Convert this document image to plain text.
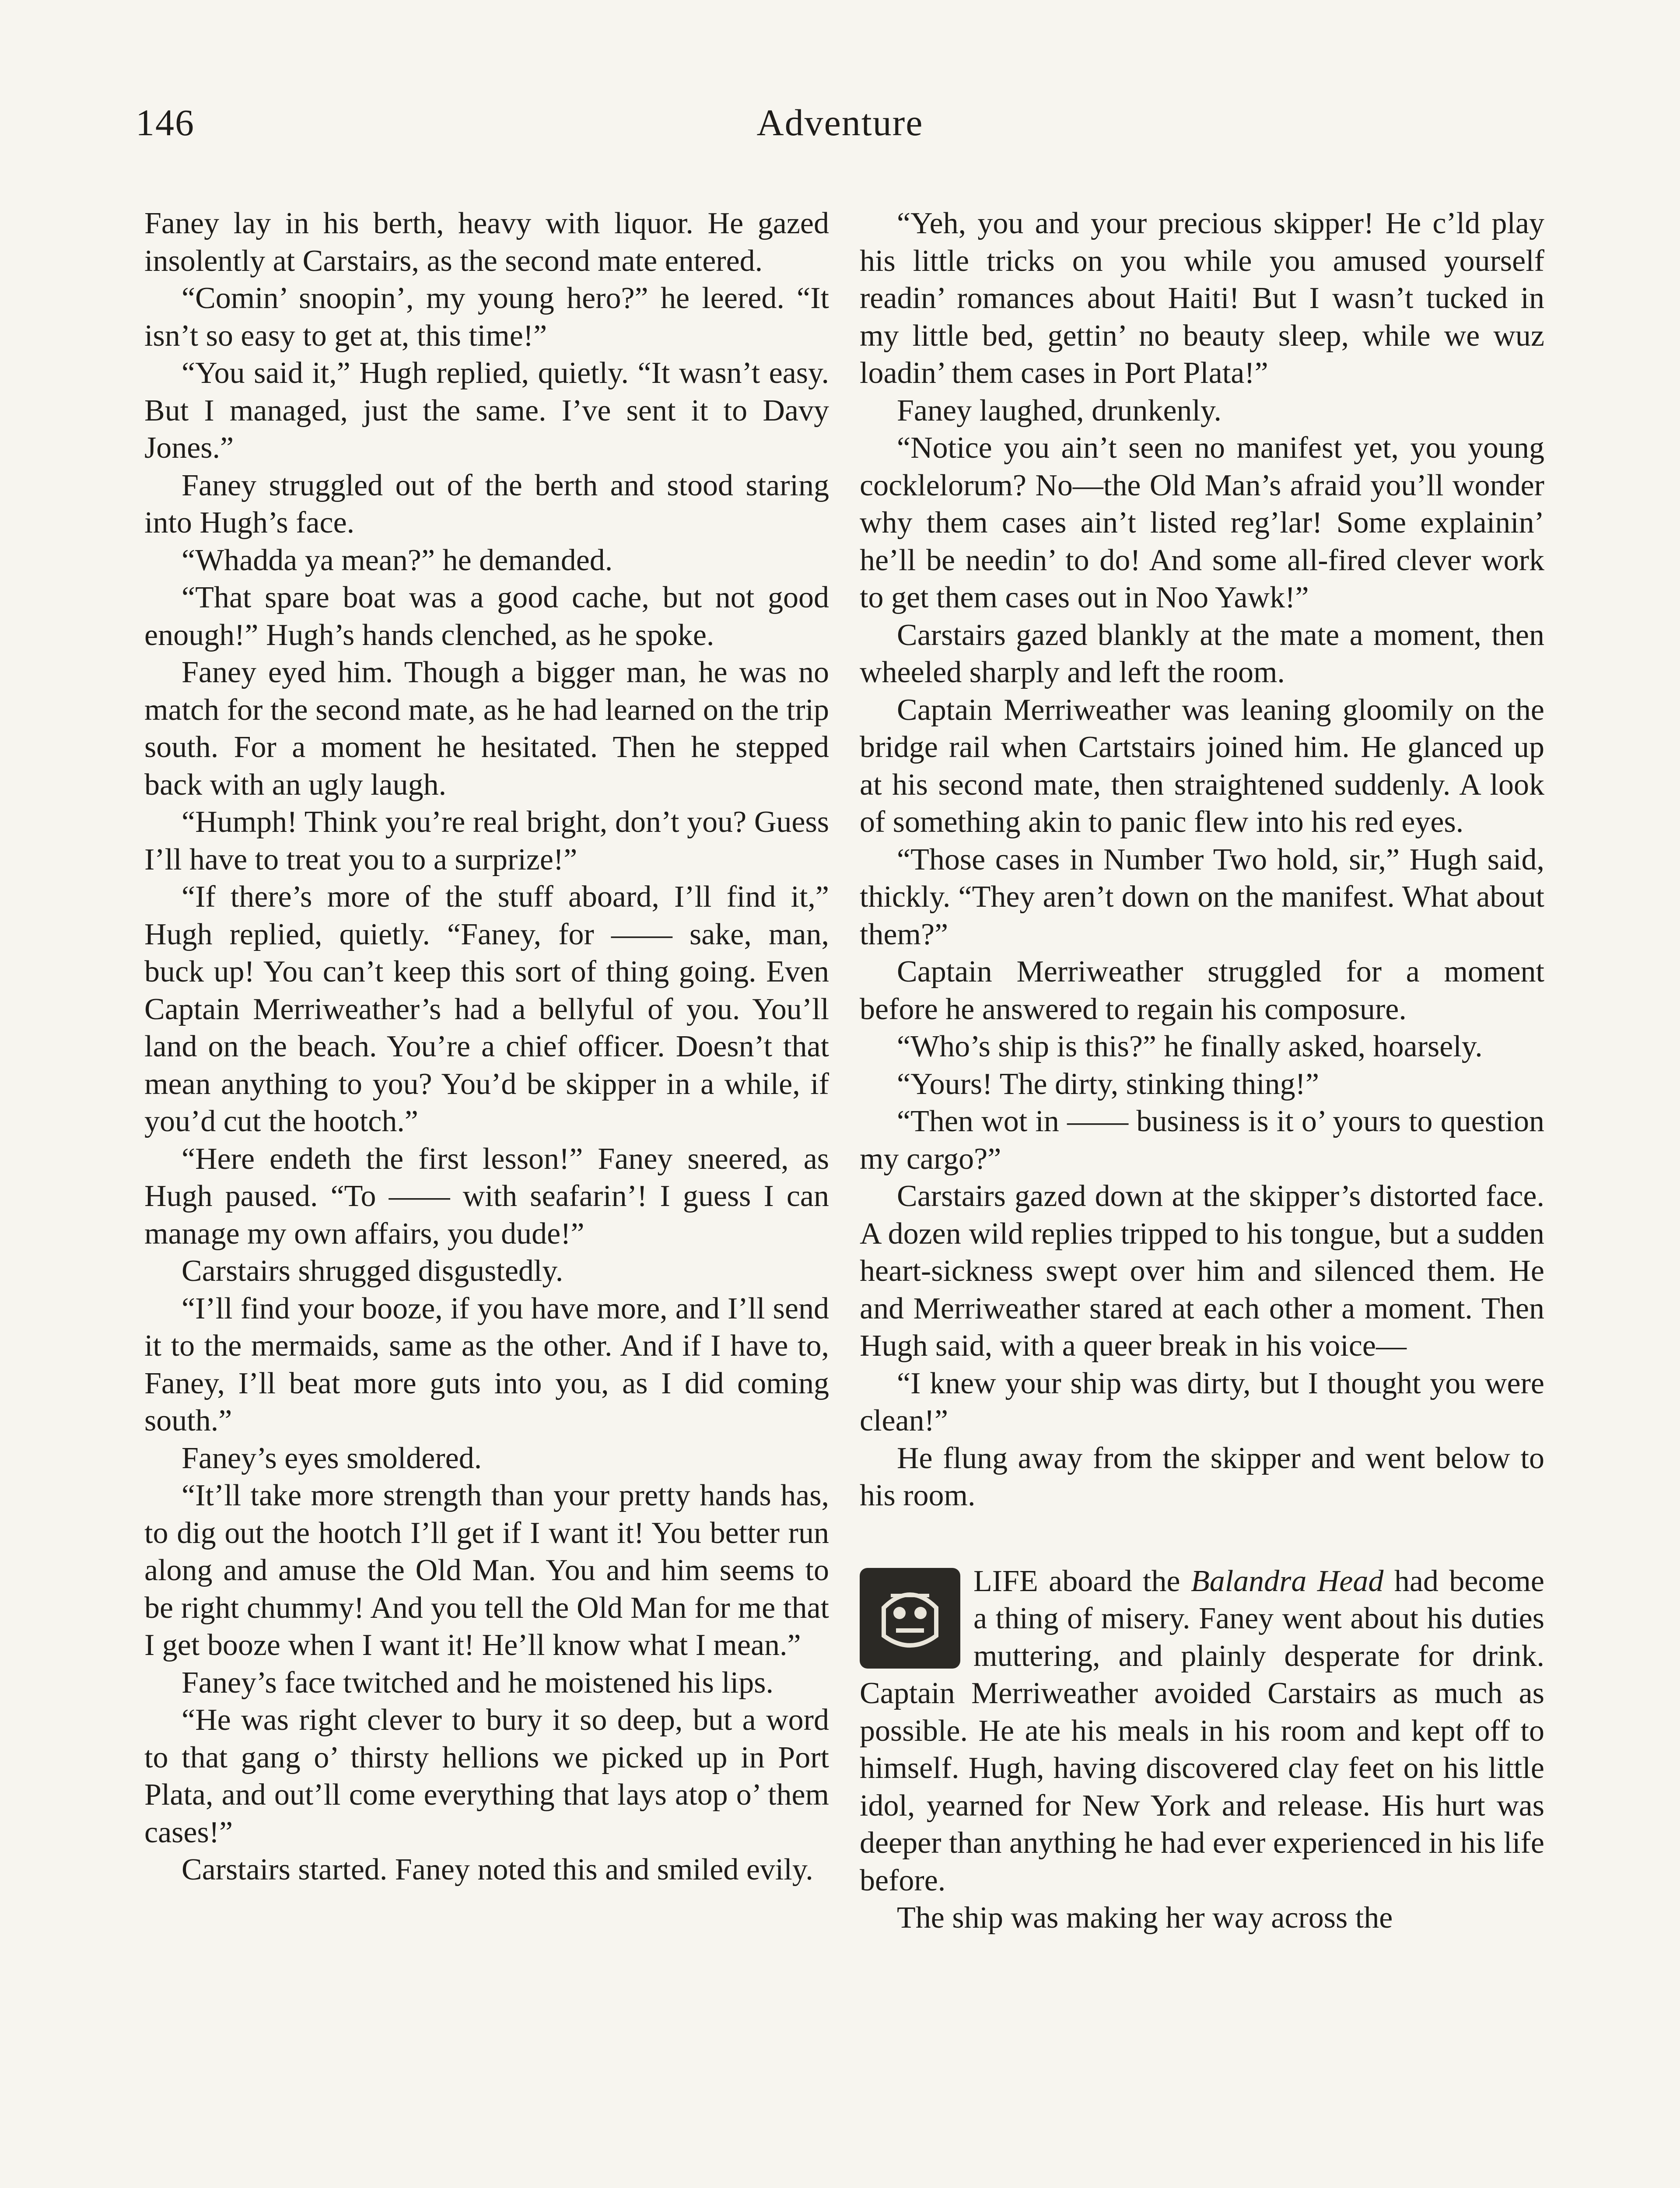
146	Adventure

Faney lay in his berth, heavy with liquor. He gazed insolently at Carstairs, as the second mate entered.

“Comin’ snoopin’, my young hero?” he leered. “It isn’t so easy to get at, this time!”

“You said it,” Hugh replied, quietly. “It wasn’t easy. But I managed, just the same. I’ve sent it to Davy Jones.”

Faney struggled out of the berth and stood staring into Hugh’s face.

“Whadda ya mean?” he demanded.

“That spare boat was a good cache, but not good enough!” Hugh’s hands clenched, as he spoke.

Faney eyed him. Though a bigger man, he was no match for the second mate, as he had learned on the trip south. For a moment he hesitated. Then he stepped back with an ugly laugh.

“Humph! Think you’re real bright, don’t you? Guess I’ll have to treat you to a surprize!”

“If there’s more of the stuff aboard, I’ll find it,” Hugh replied, quietly. “Faney, for —— sake, man, buck up! You can’t keep this sort of thing going. Even Captain Merriweather’s had a bellyful of you. You’ll land on the beach. You’re a chief officer. Doesn’t that mean anything to you? You’d be skipper in a while, if you’d cut the hootch.”

“Here endeth the first lesson!” Faney sneered, as Hugh paused. “To —— with seafarin’! I guess I can manage my own affairs, you dude!”

Carstairs shrugged disgustedly.

“I’ll find your booze, if you have more, and I’ll send it to the mermaids, same as the other. And if I have to, Faney, I’ll beat more guts into you, as I did coming south.”

Faney’s eyes smoldered.

“It’ll take more strength than your pretty hands has, to dig out the hootch I’ll get if I want it! You better run along and amuse the Old Man. You and him seems to be right chummy! And you tell the Old Man for me that I get booze when I want it! He’ll know what I mean.”

Faney’s face twitched and he moistened his lips.

“He was right clever to bury it so deep, but a word to that gang o’ thirsty hellions we picked up in Port Plata, and out’ll come everything that lays atop o’ them cases!”

Carstairs started. Faney noted this and smiled evily.

“Yeh, you and your precious skipper! He c’ld play his little tricks on you while you amused yourself readin’ romances about Haiti! But I wasn’t tucked in my little bed, gettin’ no beauty sleep, while we wuz loadin’ them cases in Port Plata!”

Faney laughed, drunkenly.

“Notice you ain’t seen no manifest yet, you young cocklelorum? No—the Old Man’s afraid you’ll wonder why them cases ain’t listed reg’lar! Some explainin’ he’ll be needin’ to do! And some all-fired clever work to get them cases out in Noo Yawk!”

Carstairs gazed blankly at the mate a moment, then wheeled sharply and left the room.

Captain Merriweather was leaning gloomily on the bridge rail when Cartstairs joined him. He glanced up at his second mate, then straightened suddenly. A look of something akin to panic flew into his red eyes.

“Those cases in Number Two hold, sir,” Hugh said, thickly. “They aren’t down on the manifest. What about them?”

Captain Merriweather struggled for a moment before he answered to regain his composure.

“Who’s ship is this?” he finally asked, hoarsely.

“Yours! The dirty, stinking thing!”

“Then wot in —— business is it o’ yours to question my cargo?”

Carstairs gazed down at the skipper’s distorted face. A dozen wild replies tripped to his tongue, but a sudden heart-sickness swept over him and silenced them. He and Merriweather stared at each other a moment. Then Hugh said, with a queer break in his voice—

“I knew your ship was dirty, but I thought you were clean!”

He flung away from the skipper and went below to his room.

LIFE aboard the Balandra Head had become a thing of misery. Faney went about his duties muttering, and plainly desperate for drink. Captain Merriweather avoided Carstairs as much as possible. He ate his meals in his room and kept off to himself. Hugh, having discovered clay feet on his little idol, yearned for New York and release. His hurt was deeper than anything he had ever experienced in his life before.

The ship was making her way across the
